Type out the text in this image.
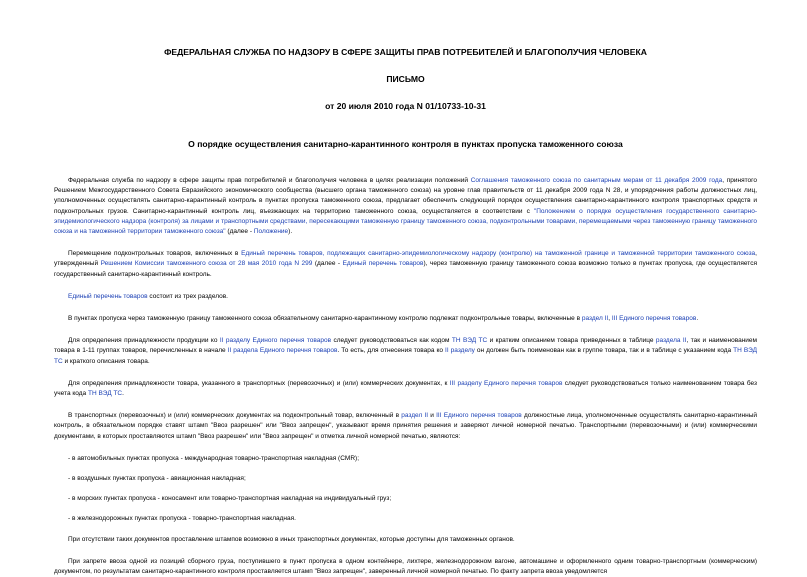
ФЕДЕРАЛЬНАЯ СЛУЖБА ПО НАДЗОРУ В СФЕРЕ ЗАЩИТЫ ПРАВ ПОТРЕБИТЕЛЕЙ И БЛАГОПОЛУЧИЯ ЧЕЛОВЕКА
ПИСЬМО
от 20 июля 2010 года N 01/10733-10-31
О порядке осуществления санитарно-карантинного контроля в пунктах пропуска таможенного союза

Федеральная служба по надзору в сфере защиты прав потребителей и благополучия человека в целях реализации положений Соглашения таможенного союза по санитарным мерам от 11 декабря 2009 года, принятого Решением Межгосударственного Совета Евразийского экономического сообщества (высшего органа таможенного союза) на уровне глав правительств от 11 декабря 2009 года N 28, и упорядочения работы должностных лиц, уполномоченных осуществлять санитарно-карантинный контроль в пунктах пропуска таможенного союза, предлагает обеспечить следующий порядок осуществления санитарно-карантинного контроля транспортных средств и подконтрольных грузов. Санитарно-карантинный контроль лиц, въезжающих на территорию таможенного союза, осуществляется в соответствии с "Положением о порядке осуществления государственного санитарно-эпидемиологического надзора (контроля) за лицами и транспортными средствами, пересекающими таможенную границу таможенного союза, подконтрольными товарами, перемещаемыми через таможенную границу таможенного союза и на таможенной территории таможенного союза" (далее - Положение).

Перемещение подконтрольных товаров, включенных в Единый перечень товаров, подлежащих санитарно-эпидемиологическому надзору (контролю) на таможенной границе и таможенной территории таможенного союза, утвержденный Решением Комиссии таможенного союза от 28 мая 2010 года N 299 (далее - Единый перечень товаров), через таможенную границу таможенного союза возможно только в пунктах пропуска, где осуществляется государственный санитарно-карантинный контроль.

Единый перечень товаров состоит из трех разделов.

В пунктах пропуска через таможенную границу таможенного союза обязательному санитарно-карантинному контролю подлежат подконтрольные товары, включенные в раздел II, III Единого перечня товаров.

Для определения принадлежности продукции ко II разделу Единого перечня товаров следует руководствоваться как кодом ТН ВЭД ТС и кратким описанием товара приведенных в таблице раздела II, так и наименованием товара в 1-11 группах товаров, перечисленных в начале II раздела Единого перечня товаров. То есть, для отнесения товара ко II разделу он должен быть поименован как в группе товара, так и в таблице с указанием кода ТН ВЭД ТС и краткого описания товара.

Для определения принадлежности товара, указанного в транспортных (перевозочных) и (или) коммерческих документах, к III разделу Единого перечня товаров следует руководствоваться только наименованием товара без учета кода ТН ВЭД ТС.

В транспортных (перевозочных) и (или) коммерческих документах на подконтрольный товар, включенный в раздел II и III Единого перечня товаров должностные лица, уполномоченные осуществлять санитарно-карантинный контроль, в обязательном порядке ставят штамп "Ввоз разрешен" или "Ввоз запрещен", указывают время принятия решения и заверяют личной номерной печатью. Транспортными (перевозочными) и (или) коммерческими документами, в которых проставляются штамп "Ввоз разрешен" или "Ввоз запрещен" и отметка личной номерной печатью, являются:

- в автомобильных пунктах пропуска - международная товарно-транспортная накладная (CMR);

- в воздушных пунктах пропуска - авиационная накладная;

- в морских пунктах пропуска - коносамент или товарно-транспортная накладная на индивидуальный груз;

- в железнодорожных пунктах пропуска - товарно-транспортная накладная.

При отсутствии таких документов проставление штампов возможно в иных транспортных документах, которые доступны для таможенных органов.

При запрете ввоза одной из позиций сборного груза, поступившего в пункт пропуска в одном контейнере, лихтере, железнодорожном вагоне, автомашине и оформленного одним товарно-транспортным (коммерческим) документом, по результатам санитарно-карантинного контроля проставляется штамп "Ввоз запрещен", заверенный личной номерной печатью. По факту запрета ввоза уведомляется
